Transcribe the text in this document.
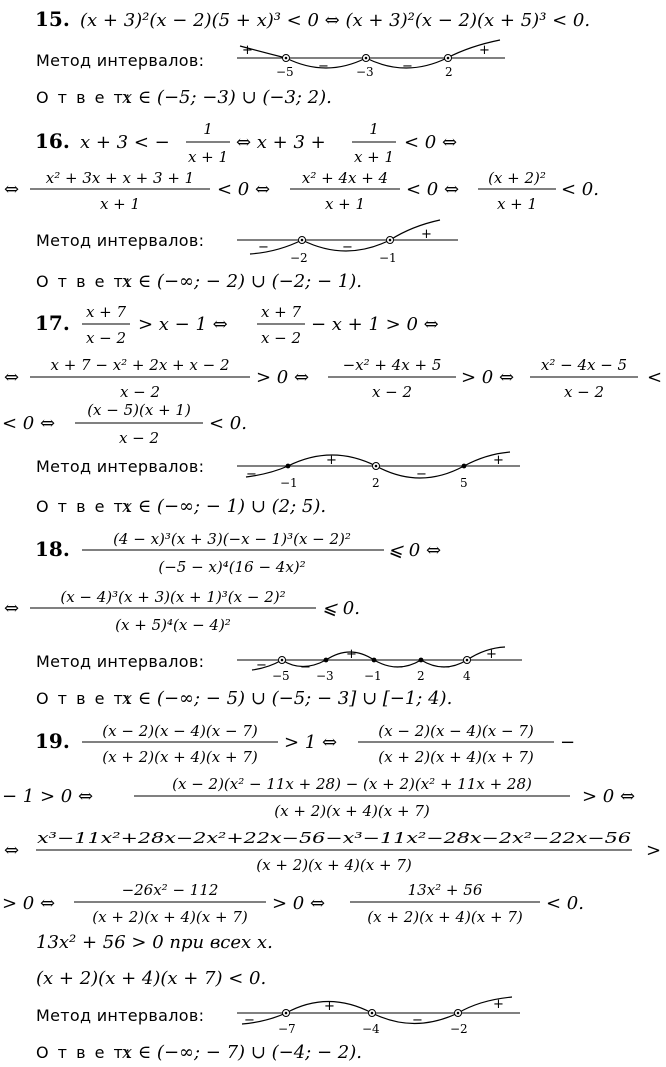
15. (x + 3)²(x − 2)(5 + x)³ < 0 ⇔ (x + 3)²(x − 2)(x + 5)³ < 0.
Метод интервалов:
+
−	−
+
−5	−3	2
О т в е т:
x ∈ (−5; −3) ∪ (−3; 2).
16. x + 3 < −
1
x + 1
⇔ x + 3 +
1
x + 1
< 0 ⇔
⇔
x² + 3x + x + 3 + 1
x + 1
< 0 ⇔
x² + 4x + 4
x + 1
< 0 ⇔
(x + 2)²
x + 1
< 0.
Метод интервалов:	−	−
+
−2	−1
О т в е т:
x ∈ (−∞; − 2) ∪ (−2; − 1).
17. x + 7
x − 2
> x − 1 ⇔
x + 7
x − 2
− x + 1 > 0 ⇔
⇔
x + 7 − x² + 2x + x − 2
x − 2
> 0 ⇔
−x² + 4x + 5
x − 2
> 0 ⇔
x² − 4x − 5
x − 2
<
< 0 ⇔
(x − 5)(x + 1)
x − 2
< 0.
Метод интервалов:	−
+
−
+
−1	2	5
О т в е т:
x ∈ (−∞; − 1) ∪ (2; 5).
18.	(4 − x)³(x + 3)(−x − 1)³(x − 2)²
(−5 − x)⁴(16 − 4x)²
⩽ 0 ⇔
⇔
(x − 4)³(x + 3)(x + 1)³(x − 2)²
(x + 5)⁴(x − 4)²
⩽ 0.
Метод интервалов:	−	−
+
−	−
+
−5 −3	−1	2	4
О т в е т:
x ∈ (−∞; − 5) ∪ (−5; − 3] ∪ [−1; 4).
19. (x − 2)(x − 4)(x − 7)
(x + 2)(x + 4)(x + 7)
> 1 ⇔
(x − 2)(x − 4)(x − 7)
(x + 2)(x + 4)(x + 7)
−
− 1 > 0 ⇔
(x − 2)(x² − 11x + 28) − (x + 2)(x² + 11x + 28)
(x + 2)(x + 4)(x + 7)
> 0 ⇔
⇔
x³−11x²+28x−2x²+22x−56−x³−11x²−28x−2x²−22x−56
(x + 2)(x + 4)(x + 7)
>
> 0 ⇔
−26x² − 112
(x + 2)(x + 4)(x + 7)
> 0 ⇔
13x² + 56
(x + 2)(x + 4)(x + 7)
< 0.
13x² + 56 > 0 при всех x.
(x + 2)(x + 4)(x + 7) < 0.
Метод интервалов:	−
+
−
+
−7	−4	−2
О т в е т:
x ∈ (−∞; − 7) ∪ (−4; − 2).
